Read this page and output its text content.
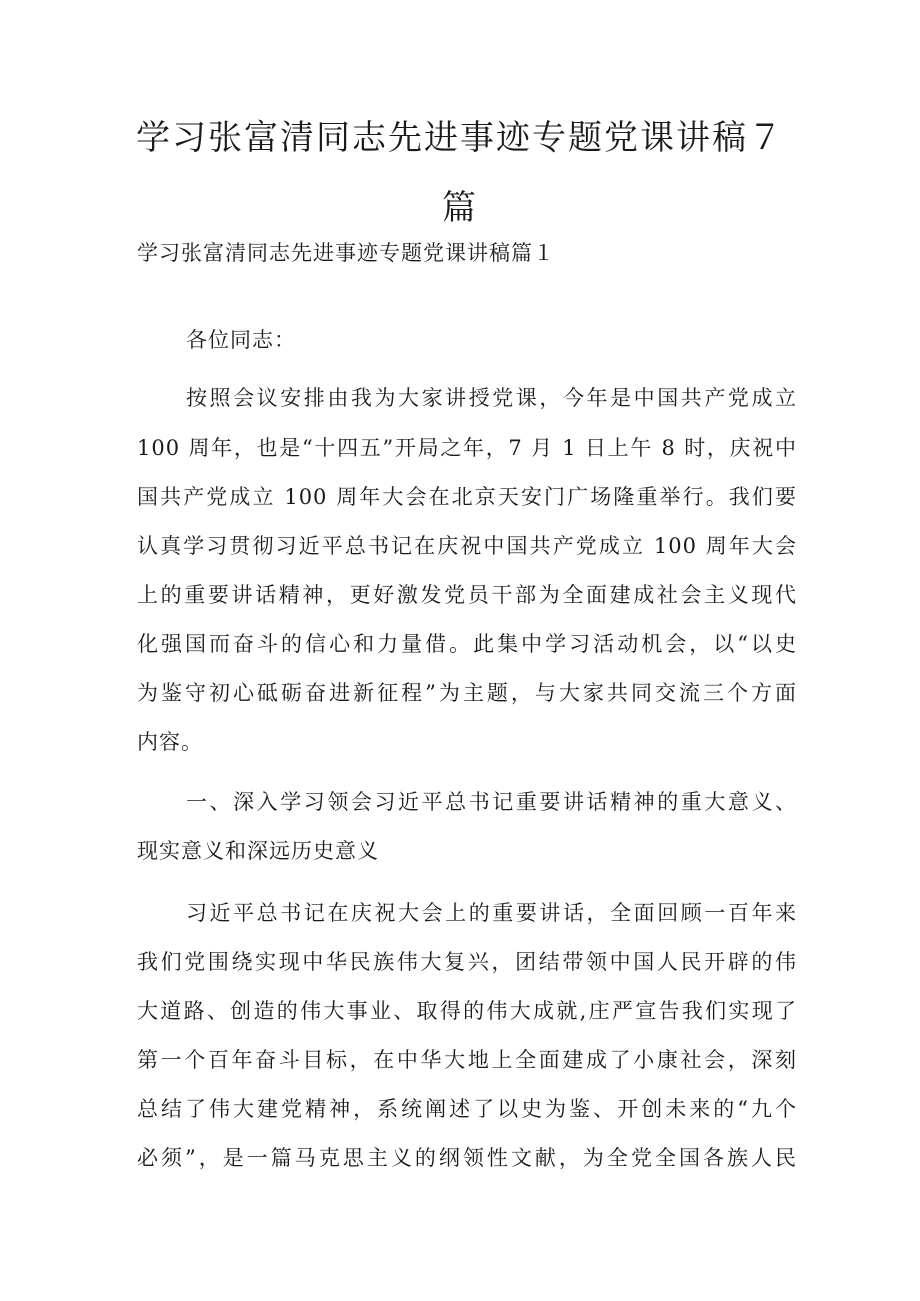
学习张富清同志先进事迹专题党课讲稿７
篇
学习张富清同志先进事迹专题党课讲稿篇１
各位同志：
按照会议安排由我为大家讲授党课，今年是中国共产党成立
100 周年，也是“十四五”开局之年，7 月 1 日上午 8 时，庆祝中
国共产党成立 100 周年大会在北京天安门广场隆重举行。我们要
认真学习贯彻习近平总书记在庆祝中国共产党成立 100 周年大会
上的重要讲话精神，更好激发党员干部为全面建成社会主义现代
化强国而奋斗的信心和力量借。此集中学习活动机会，以“以史
为鉴守初心砥砺奋进新征程”为主题，与大家共同交流三个方面
内容。
一、深入学习领会习近平总书记重要讲话精神的重大意义、
现实意义和深远历史意义
习近平总书记在庆祝大会上的重要讲话，全面回顾一百年来
我们党围绕实现中华民族伟大复兴，团结带领中国人民开辟的伟
大道路、创造的伟大事业、取得的伟大成就,庄严宣告我们实现了
第一个百年奋斗目标，在中华大地上全面建成了小康社会，深刻
总结了伟大建党精神，系统阐述了以史为鉴、开创未来的“九个
必须”，是一篇马克思主义的纲领性文献，为全党全国各族人民
